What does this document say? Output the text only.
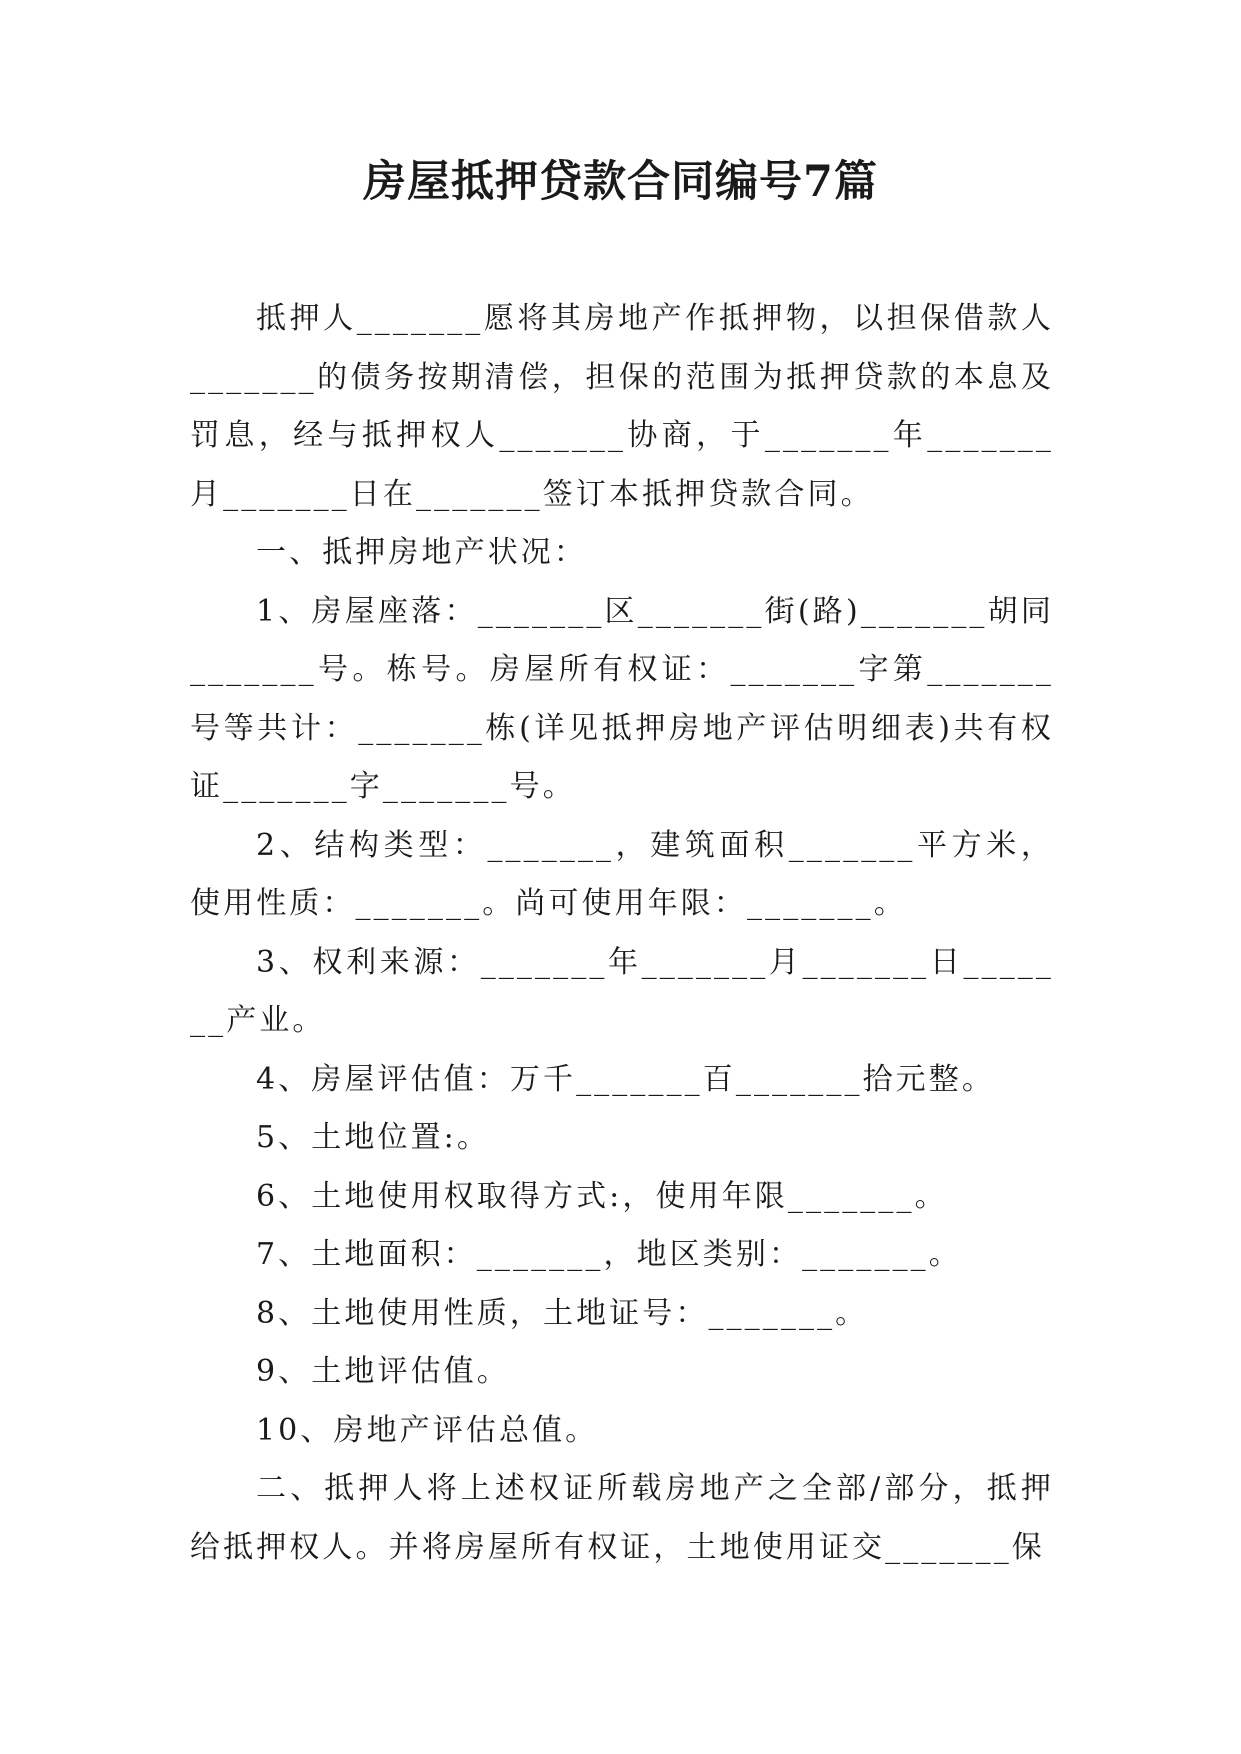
房屋抵押贷款合同编号7篇

抵押人_______愿将其房地产作抵押物，以担保借款人_______的债务按期清偿，担保的范围为抵押贷款的本息及罚息，经与抵押权人_______协商，于_______年_______月_______日在_______签订本抵押贷款合同。

一、抵押房地产状况：

1、房屋座落：_______区_______街(路)_______胡同_______号。栋号。房屋所有权证：_______字第_______号等共计：_______栋(详见抵押房地产评估明细表)共有权证_______字_______号。

2、结构类型：_______，建筑面积_______平方米，使用性质：_______。尚可使用年限：_______。

3、权利来源：_______年_______月_______日_______产业。

4、房屋评估值：万千_______百_______拾元整。

5、土地位置:。

6、土地使用权取得方式:，使用年限_______。

7、土地面积：_______，地区类别：_______。

8、土地使用性质，土地证号：_______。

9、土地评估值。

10、房地产评估总值。

二、抵押人将上述权证所载房地产之全部/部分，抵押给抵押权人。并将房屋所有权证，土地使用证交_______保
